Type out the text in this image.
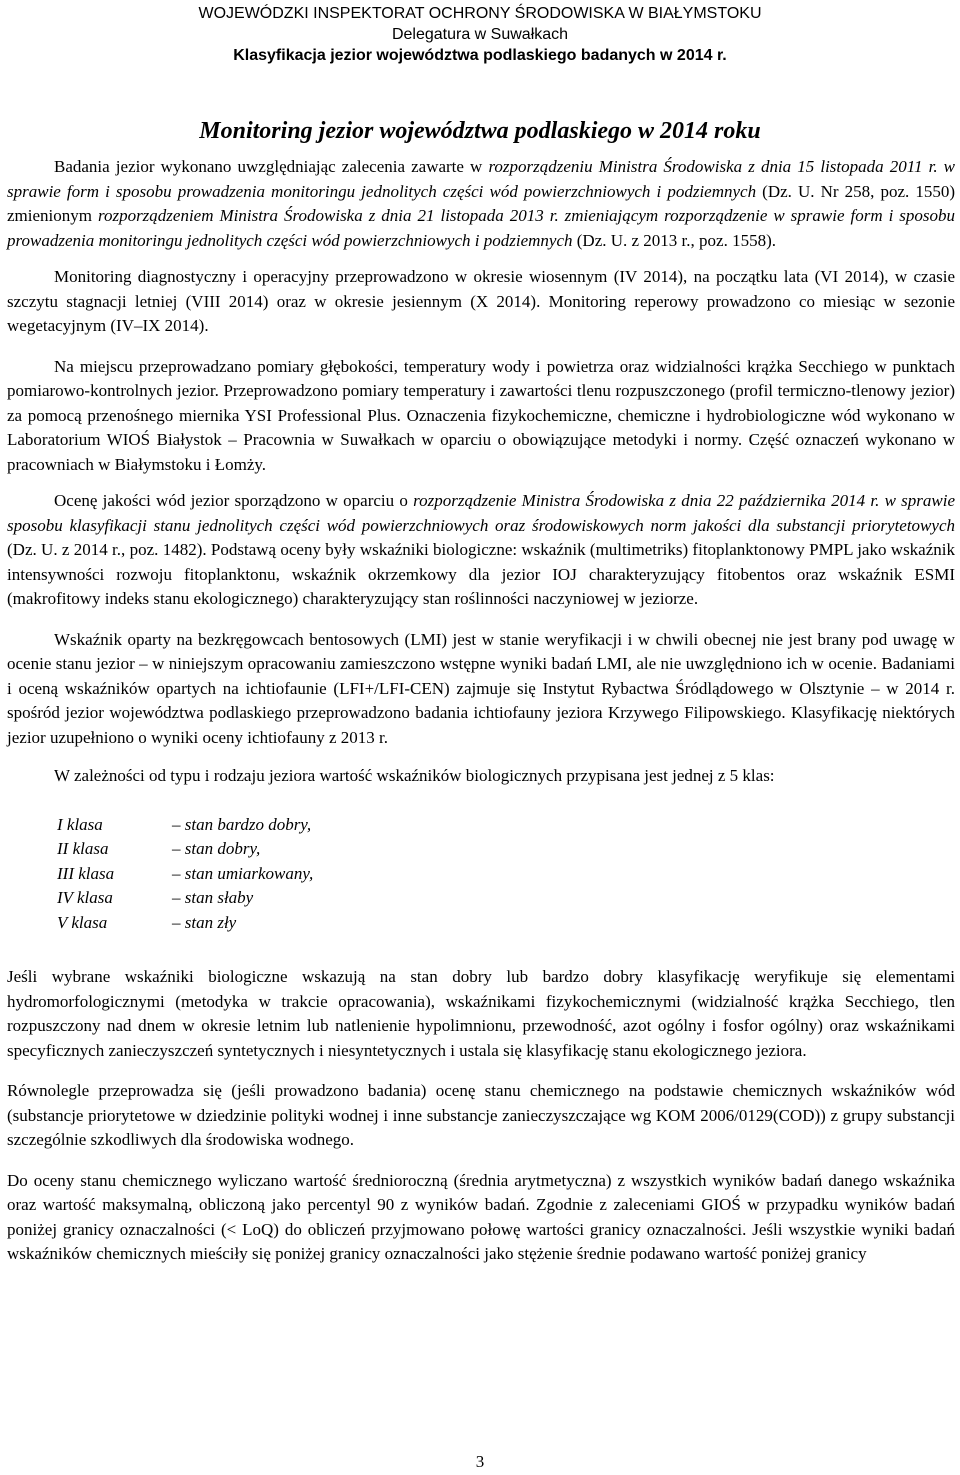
WOJEWÓDZKI INSPEKTORAT OCHRONY ŚRODOWISKA W BIAŁYMSTOKU
Delegatura w Suwałkach
Klasyfikacja jezior województwa podlaskiego badanych w 2014 r.
Monitoring jezior województwa podlaskiego w 2014 roku

Badania jezior wykonano uwzględniając zalecenia zawarte w rozporządzeniu Ministra Środowiska z dnia 15 listopada 2011 r. w sprawie form i sposobu prowadzenia monitoringu jednolitych części wód powierzchniowych i podziemnych (Dz. U. Nr 258, poz. 1550) zmienionym rozporządzeniem Ministra Środowiska z dnia 21 listopada 2013 r. zmieniającym rozporządzenie w sprawie form i sposobu prowadzenia monitoringu jednolitych części wód powierzchniowych i podziemnych (Dz. U. z 2013 r., poz. 1558).

Monitoring diagnostyczny i operacyjny przeprowadzono w okresie wiosennym (IV 2014), na początku lata (VI 2014), w czasie szczytu stagnacji letniej (VIII 2014) oraz w okresie jesiennym (X 2014). Monitoring reperowy prowadzono co miesiąc w sezonie wegetacyjnym (IV–IX 2014).

Na miejscu przeprowadzano pomiary głębokości, temperatury wody i powietrza oraz widzialności krążka Secchiego w punktach pomiarowo-kontrolnych jezior. Przeprowadzono pomiary temperatury i zawartości tlenu rozpuszczonego (profil termiczno-tlenowy jezior) za pomocą przenośnego miernika YSI Professional Plus. Oznaczenia fizykochemiczne, chemiczne i hydrobiologiczne wód wykonano w Laboratorium WIOŚ Białystok – Pracownia w Suwałkach w oparciu o obowiązujące metodyki i normy. Część oznaczeń wykonano w pracowniach w Białymstoku i Łomży.

Ocenę jakości wód jezior sporządzono w oparciu o rozporządzenie Ministra Środowiska z dnia 22 października 2014 r. w sprawie sposobu klasyfikacji stanu jednolitych części wód powierzchniowych oraz środowiskowych norm jakości dla substancji priorytetowych (Dz. U. z 2014 r., poz. 1482). Podstawą oceny były wskaźniki biologiczne: wskaźnik (multimetriks) fitoplanktonowy PMPL jako wskaźnik intensywności rozwoju fitoplanktonu, wskaźnik okrzemkowy dla jezior IOJ charakteryzujący fitobentos oraz wskaźnik ESMI (makrofitowy indeks stanu ekologicznego) charakteryzujący stan roślinności naczyniowej w jeziorze.

Wskaźnik oparty na bezkręgowcach bentosowych (LMI) jest w stanie weryfikacji i w chwili obecnej nie jest brany pod uwagę w ocenie stanu jezior – w niniejszym opracowaniu zamieszczono wstępne wyniki badań LMI, ale nie uwzględniono ich w ocenie. Badaniami i oceną wskaźników opartych na ichtiofaunie (LFI+/LFI-CEN) zajmuje się Instytut Rybactwa Śródlądowego w Olsztynie – w 2014 r. spośród jezior województwa podlaskiego przeprowadzono badania ichtiofauny jeziora Krzywego Filipowskiego. Klasyfikację niektórych jezior uzupełniono o wyniki oceny ichtiofauny z 2013 r.

W zależności od typu i rodzaju jeziora wartość wskaźników biologicznych przypisana jest jednej z 5 klas:

I klasa	– stan bardzo dobry,
II klasa	– stan dobry,
III klasa	– stan umiarkowany,
IV klasa	– stan słaby
V klasa	– stan zły

Jeśli wybrane wskaźniki biologiczne wskazują na stan dobry lub bardzo dobry klasyfikację weryfikuje się elementami hydromorfologicznymi (metodyka w trakcie opracowania), wskaźnikami fizykochemicznymi (widzialność krążka Secchiego, tlen rozpuszczony nad dnem w okresie letnim lub natlenienie hypolimnionu, przewodność, azot ogólny i fosfor ogólny) oraz wskaźnikami specyficznych zanieczyszczeń syntetycznych i niesyntetycznych i ustala się klasyfikację stanu ekologicznego jeziora.

Równolegle przeprowadza się (jeśli prowadzono badania) ocenę stanu chemicznego na podstawie chemicznych wskaźników wód (substancje priorytetowe w dziedzinie polityki wodnej i inne substancje zanieczyszczające wg KOM 2006/0129(COD)) z grupy substancji szczególnie szkodliwych dla środowiska wodnego.

Do oceny stanu chemicznego wyliczano wartość średnioroczną (średnia arytmetyczna) z wszystkich wyników badań danego wskaźnika oraz wartość maksymalną, obliczoną jako percentyl 90 z wyników badań. Zgodnie z zaleceniami GIOŚ w przypadku wyników badań poniżej granicy oznaczalności (< LoQ) do obliczeń przyjmowano połowę wartości granicy oznaczalności. Jeśli wszystkie wyniki badań wskaźników chemicznych mieściły się poniżej granicy oznaczalności jako stężenie średnie podawano wartość poniżej granicy

3
